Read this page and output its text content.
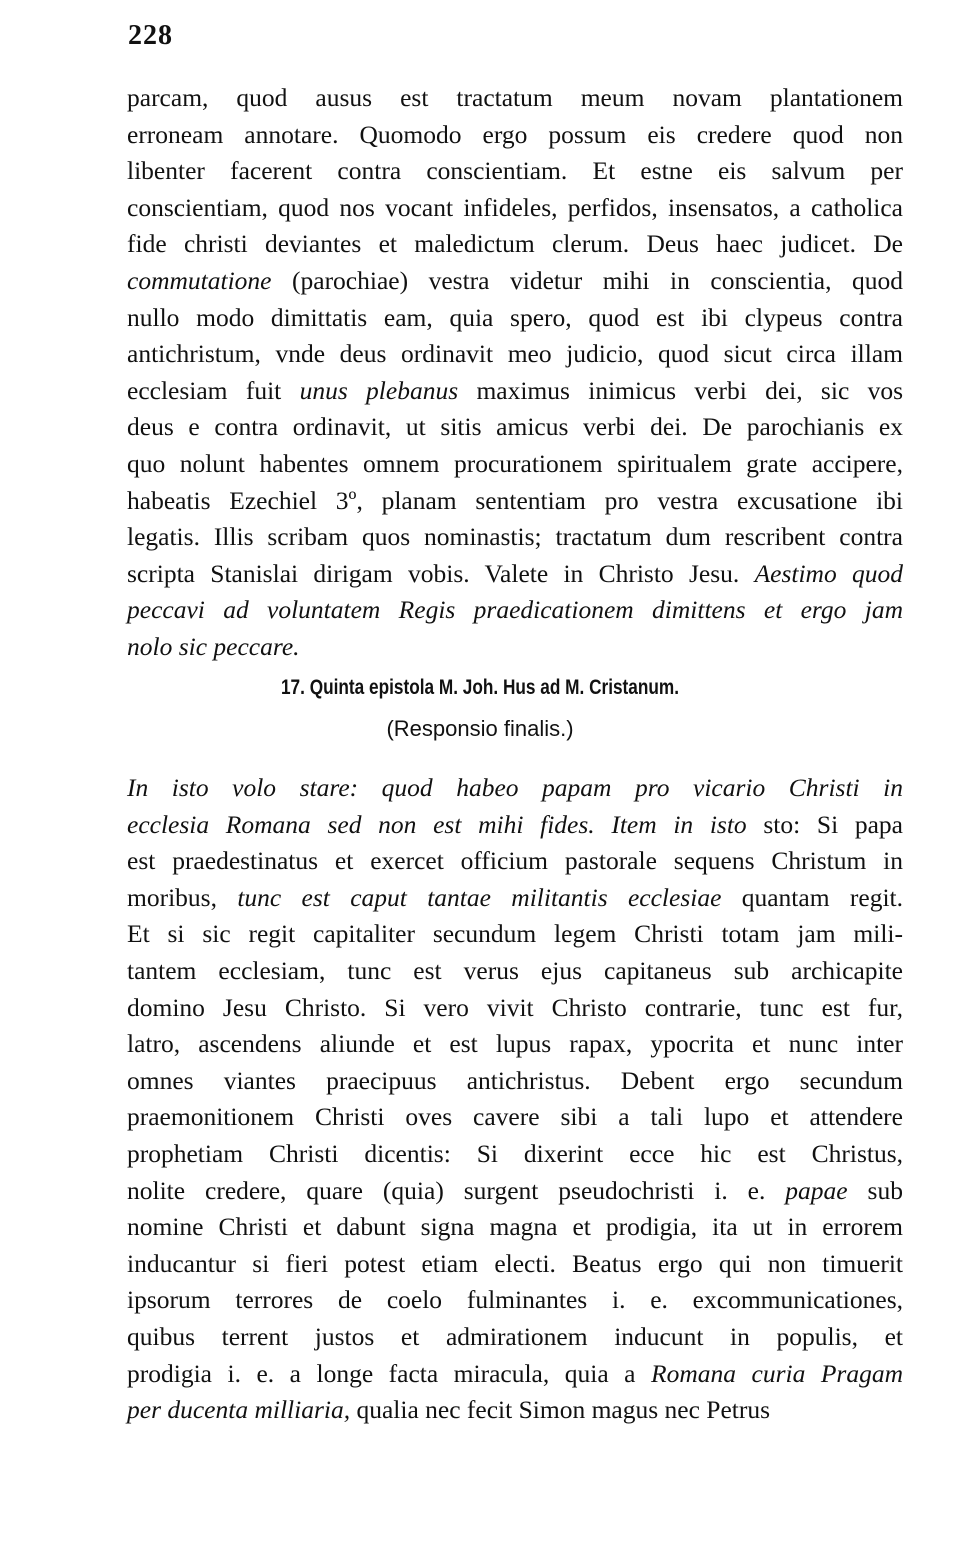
228
parcam, quod ausus est tractatum meum novam plantationem
erroneam annotare. Quomodo ergo possum eis credere quod non
libenter facerent contra conscientiam. Et estne eis salvum per
conscientiam, quod nos vocant infideles, perfidos, insensatos, a catholica
fide christi deviantes et maledictum clerum. Deus haec judicet. De
commutatione (parochiae) vestra videtur mihi in conscientia, quod
nullo modo dimittatis eam, quia spero, quod est ibi clypeus contra
antichristum, vnde deus ordinavit meo judicio, quod sicut circa illam
ecclesiam fuit unus plebanus maximus inimicus verbi dei, sic vos
deus e contra ordinavit, ut sitis amicus verbi dei. De parochianis ex
quo nolunt habentes omnem procurationem spiritualem grate accipere,
habeatis Ezechiel 3º, planam sententiam pro vestra excusatione ibi
legatis. Illis scribam quos nominastis; tractatum dum rescribent contra
scripta Stanislai dirigam vobis. Valete in Christo Jesu. Aestimo quod
peccavi ad voluntatem Regis praedicationem dimittens et ergo jam
nolo sic peccare.
17. Quinta epistola M. Joh. Hus ad M. Cristanum.
(Responsio finalis.)
In isto volo stare: quod habeo papam pro vicario Christi in
ecclesia Romana sed non est mihi fides. Item in isto sto: Si papa
est praedestinatus et exercet officium pastorale sequens Christum in
moribus, tunc est caput tantae militantis ecclesiae quantam regit.
Et si sic regit capitaliter secundum legem Christi totam jam mili-
tantem ecclesiam, tunc est verus ejus capitaneus sub archicapite
domino Jesu Christo. Si vero vivit Christo contrarie, tunc est fur,
latro, ascendens aliunde et est lupus rapax, ypocrita et nunc inter
omnes viantes praecipuus antichristus. Debent ergo secundum
praemonitionem Christi oves cavere sibi a tali lupo et attendere
prophetiam Christi dicentis: Si dixerint ecce hic est Christus,
nolite credere, quare (quia) surgent pseudochristi i. e. papae sub
nomine Christi et dabunt signa magna et prodigia, ita ut in errorem
inducantur si fieri potest etiam electi. Beatus ergo qui non timuerit
ipsorum terrores de coelo fulminantes i. e. excommunicationes,
quibus terrent justos et admirationem inducunt in populis, et
prodigia i. e. a longe facta miracula, quia a Romana curia Pragam
per ducenta milliaria, qualia nec fecit Simon magus nec Petrus
